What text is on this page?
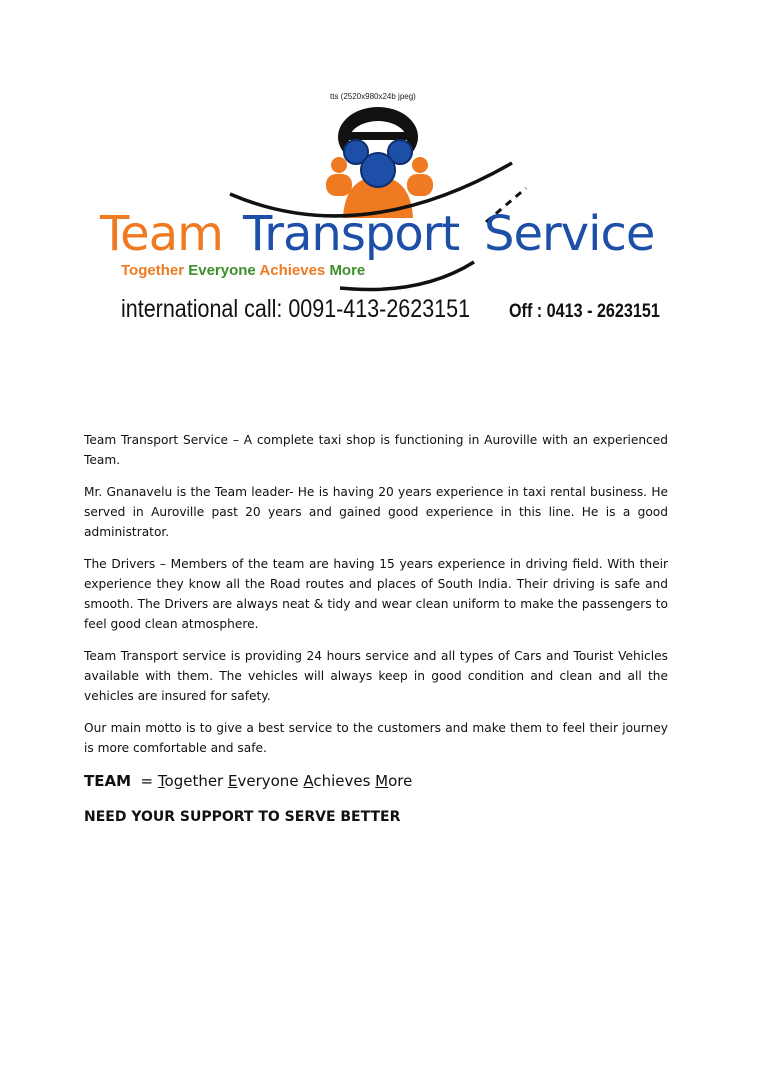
tts (2520x980x24b jpeg)
Team Transport Service
Together Everyone Achieves More
international call: 0091-413-2623151 Off : 0413 - 2623151

Team Transport Service – A complete taxi shop is functioning in Auroville with an experienced Team.

Mr. Gnanavelu is the Team leader- He is having 20 years experience in taxi rental business. He served in Auroville past 20 years and gained good experience in this line. He is a good administrator.

The Drivers – Members of the team are having 15 years experience in driving field. With their experience they know all the Road routes and places of South India. Their driving is safe and smooth. The Drivers are always neat & tidy and wear clean uniform to make the passengers to feel good clean atmosphere.

Team Transport service is providing 24 hours service and all types of Cars and Tourist Vehicles available with them. The vehicles will always keep in good condition and clean and all the vehicles are insured for safety.

Our main motto is to give a best service to the customers and make them to feel their journey is more comfortable and safe.

TEAM  = Together Everyone Achieves More
NEED YOUR SUPPORT TO SERVE BETTER
